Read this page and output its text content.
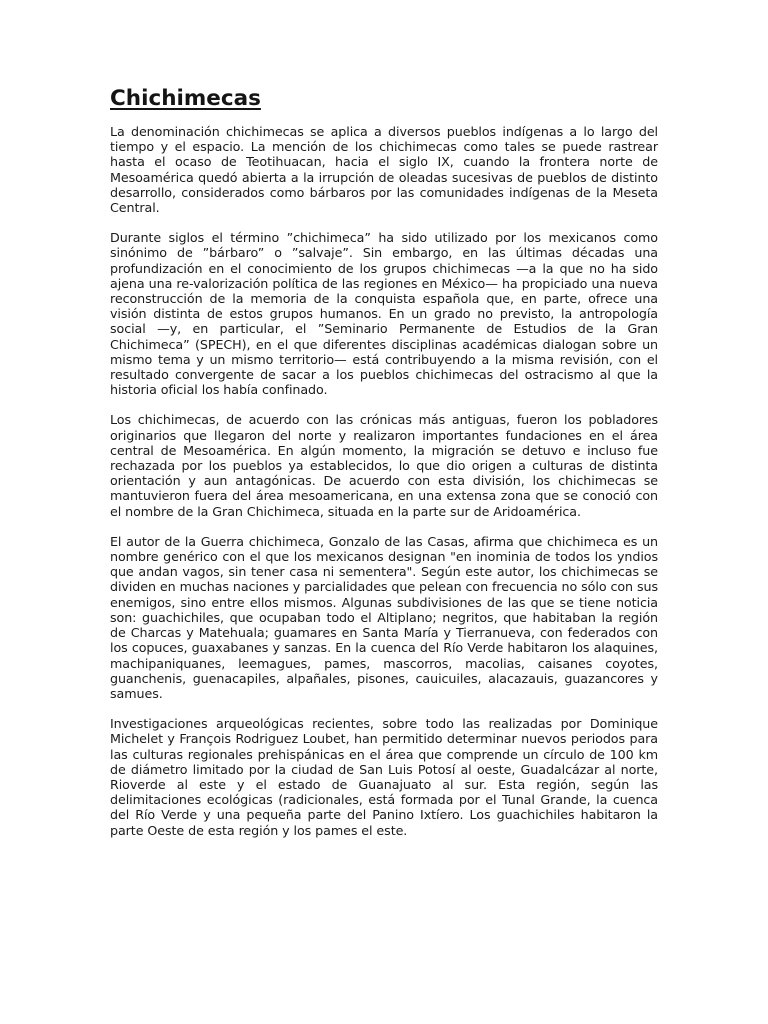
Chichimecas

La denominación chichimecas se aplica a diversos pueblos indígenas a lo largo del tiempo y el espacio. La mención de los chichimecas como tales se puede rastrear hasta el ocaso de Teotihuacan, hacia el siglo IX, cuando la frontera norte de Mesoamérica quedó abierta a la irrupción de oleadas sucesivas de pueblos de distinto desarrollo, considerados como bárbaros por las comunidades indígenas de la Meseta Central.

Durante siglos el término ”chichimeca” ha sido utilizado por los mexicanos como sinónimo de ”bárbaro” o ”salvaje”. Sin embargo, en las últimas décadas una profundización en el conocimiento de los grupos chichimecas —a la que no ha sido ajena una re-valorización política de las regiones en México— ha propiciado una nueva reconstrucción de la memoria de la conquista española que, en parte, ofrece una visión distinta de estos grupos humanos. En un grado no previsto, la antropología social —y, en particular, el ”Seminario Permanente de Estudios de la Gran Chichimeca” (SPECH), en el que diferentes disciplinas académicas dialogan sobre un mismo tema y un mismo territorio— está contribuyendo a la misma revisión, con el resultado convergente de sacar a los pueblos chichimecas del ostracismo al que la historia oficial los había confinado.

Los chichimecas, de acuerdo con las crónicas más antiguas, fueron los pobladores originarios que llegaron del norte y realizaron importantes fundaciones en el área central de Mesoamérica. En algún momento, la migración se detuvo e incluso fue rechazada por los pueblos ya establecidos, lo que dio origen a culturas de distinta orientación y aun antagónicas. De acuerdo con esta división, los chichimecas se mantuvieron fuera del área mesoamericana, en una extensa zona que se conoció con el nombre de la Gran Chichimeca, situada en la parte sur de Aridoamérica.

El autor de la Guerra chichimeca, Gonzalo de las Casas, afirma que chichimeca es un nombre genérico con el que los mexicanos designan "en inominia de todos los yndios que andan vagos, sin tener casa ni sementera". Según este autor, los chichimecas se dividen en muchas naciones y parcialidades que pelean con frecuencia no sólo con sus enemigos, sino entre ellos mismos. Algunas subdivisiones de las que se tiene noticia son: guachichiles, que ocupaban todo el Altiplano; negritos, que habitaban la región de Charcas y Matehuala; guamares en Santa María y Tierranueva, con federados con los copuces, guaxabanes y sanzas. En la cuenca del Río Verde habitaron los alaquines, machipaniquanes, leemagues, pames, mascorros, macolias, caisanes coyotes, guanchenis, guenacapiles, alpañales, pisones, cauicuiles, alacazauis, guazancores y samues.

Investigaciones arqueológicas recientes, sobre todo las realizadas por Dominique Michelet y François Rodriguez Loubet, han permitido determinar nuevos periodos para las culturas regionales prehispánicas en el área que comprende un círculo de 100 km de diámetro limitado por la ciudad de San Luis Potosí al oeste, Guadalcázar al norte, Rioverde al este y el estado de Guanajuato al sur. Esta región, según las delimitaciones ecológicas (radicionales, está formada por el Tunal Grande, la cuenca del Río Verde y una pequeña parte del Panino Ixtíero. Los guachichiles habitaron la parte Oeste de esta región y los pames el este.
